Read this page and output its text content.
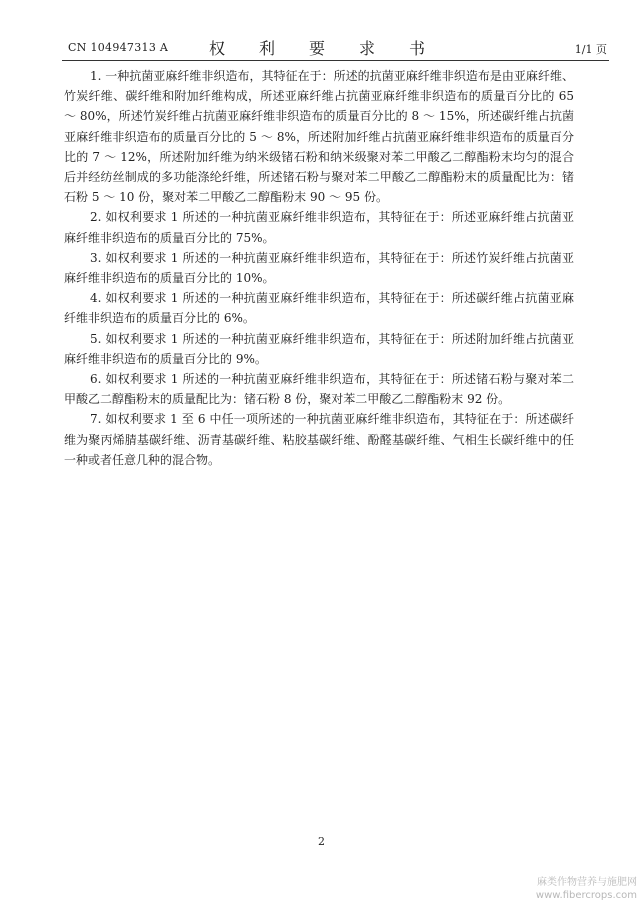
CN 104947313 A	权　利　要　求　书	1/1 页

1. 一种抗菌亚麻纤维非织造布，其特征在于：所述的抗菌亚麻纤维非织造布是由亚麻纤维、竹炭纤维、碳纤维和附加纤维构成，所述亚麻纤维占抗菌亚麻纤维非织造布的质量百分比的 65 ～ 80%，所述竹炭纤维占抗菌亚麻纤维非织造布的质量百分比的 8 ～ 15%，所述碳纤维占抗菌亚麻纤维非织造布的质量百分比的 5 ～ 8%，所述附加纤维占抗菌亚麻纤维非织造布的质量百分比的 7 ～ 12%，所述附加纤维为纳米级锗石粉和纳米级聚对苯二甲酸乙二醇酯粉末均匀的混合后并经纺丝制成的多功能涤纶纤维，所述锗石粉与聚对苯二甲酸乙二醇酯粉末的质量配比为：锗石粉 5 ～ 10 份，聚对苯二甲酸乙二醇酯粉末 90 ～ 95 份。

2. 如权利要求 1 所述的一种抗菌亚麻纤维非织造布，其特征在于：所述亚麻纤维占抗菌亚麻纤维非织造布的质量百分比的 75%。

3. 如权利要求 1 所述的一种抗菌亚麻纤维非织造布，其特征在于：所述竹炭纤维占抗菌亚麻纤维非织造布的质量百分比的 10%。

4. 如权利要求 1 所述的一种抗菌亚麻纤维非织造布，其特征在于：所述碳纤维占抗菌亚麻纤维非织造布的质量百分比的 6%。

5. 如权利要求 1 所述的一种抗菌亚麻纤维非织造布，其特征在于：所述附加纤维占抗菌亚麻纤维非织造布的质量百分比的 9%。

6. 如权利要求 1 所述的一种抗菌亚麻纤维非织造布，其特征在于：所述锗石粉与聚对苯二甲酸乙二醇酯粉末的质量配比为：锗石粉 8 份，聚对苯二甲酸乙二醇酯粉末 92 份。

7. 如权利要求 1 至 6 中任一项所述的一种抗菌亚麻纤维非织造布，其特征在于：所述碳纤维为聚丙烯腈基碳纤维、沥青基碳纤维、粘胶基碳纤维、酚醛基碳纤维、气相生长碳纤维中的任一种或者任意几种的混合物。

2
麻类作物营养与施肥网
www.fibercrops.com
